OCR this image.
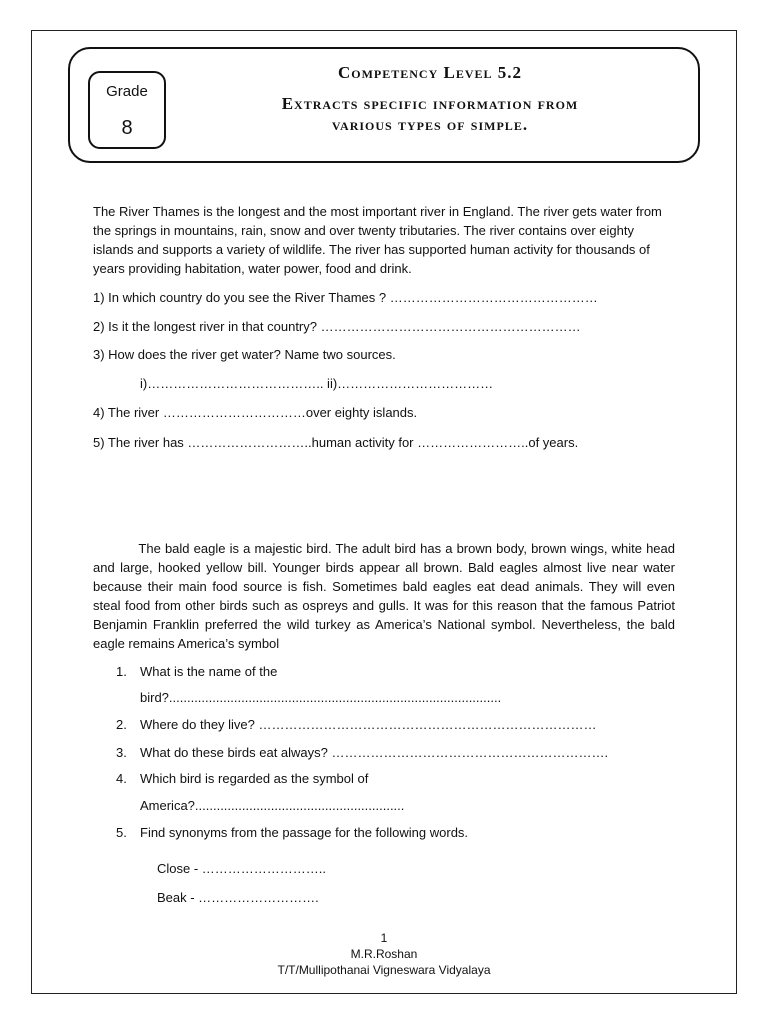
Grade
8
Competency Level 5.2
Extracts specific information from
various types of simple.

The River Thames is the longest and the most important river in England. The river gets water from the springs in mountains, rain, snow and over twenty tributaries. The river contains over eighty islands and supports a variety of wildlife. The river has supported human activity for thousands of years providing habitation, water power, food and drink.

1) In which country do you see the River Thames ? …………………………………………
2) Is it the longest river in that country? ……………………………………………………
3) How does the river get water? Name two sources.
i)………………………………….. ii)………………………………
4) The river ……………………………over eighty islands.
5) The river has ………………………..human activity for ……………………..of years.

The bald eagle is a majestic bird. The adult bird has a brown body, brown wings, white head and large, hooked yellow bill. Younger birds appear all brown. Bald eagles almost live near water because their main food source is fish. Sometimes bald eagles eat dead animals. They will even steal food from other birds such as ospreys and gulls. It was for this reason that the famous Patriot Benjamin Franklin preferred the wild turkey as America’s National symbol. Nevertheless, the bald eagle remains America’s symbol

1. What is the name of the
bird?............................................................................................
2. Where do they live? ……………………………………………………………………
3. What do these birds eat always? ……………………………………………………….
4. Which bird is regarded as the symbol of
America?..........................................................
5. Find synonyms from the passage for the following words.
Close - ………………………..
Beak - ……………………….
1
M.R.Roshan
T/T/Mullipothanai Vigneswara Vidyalaya
